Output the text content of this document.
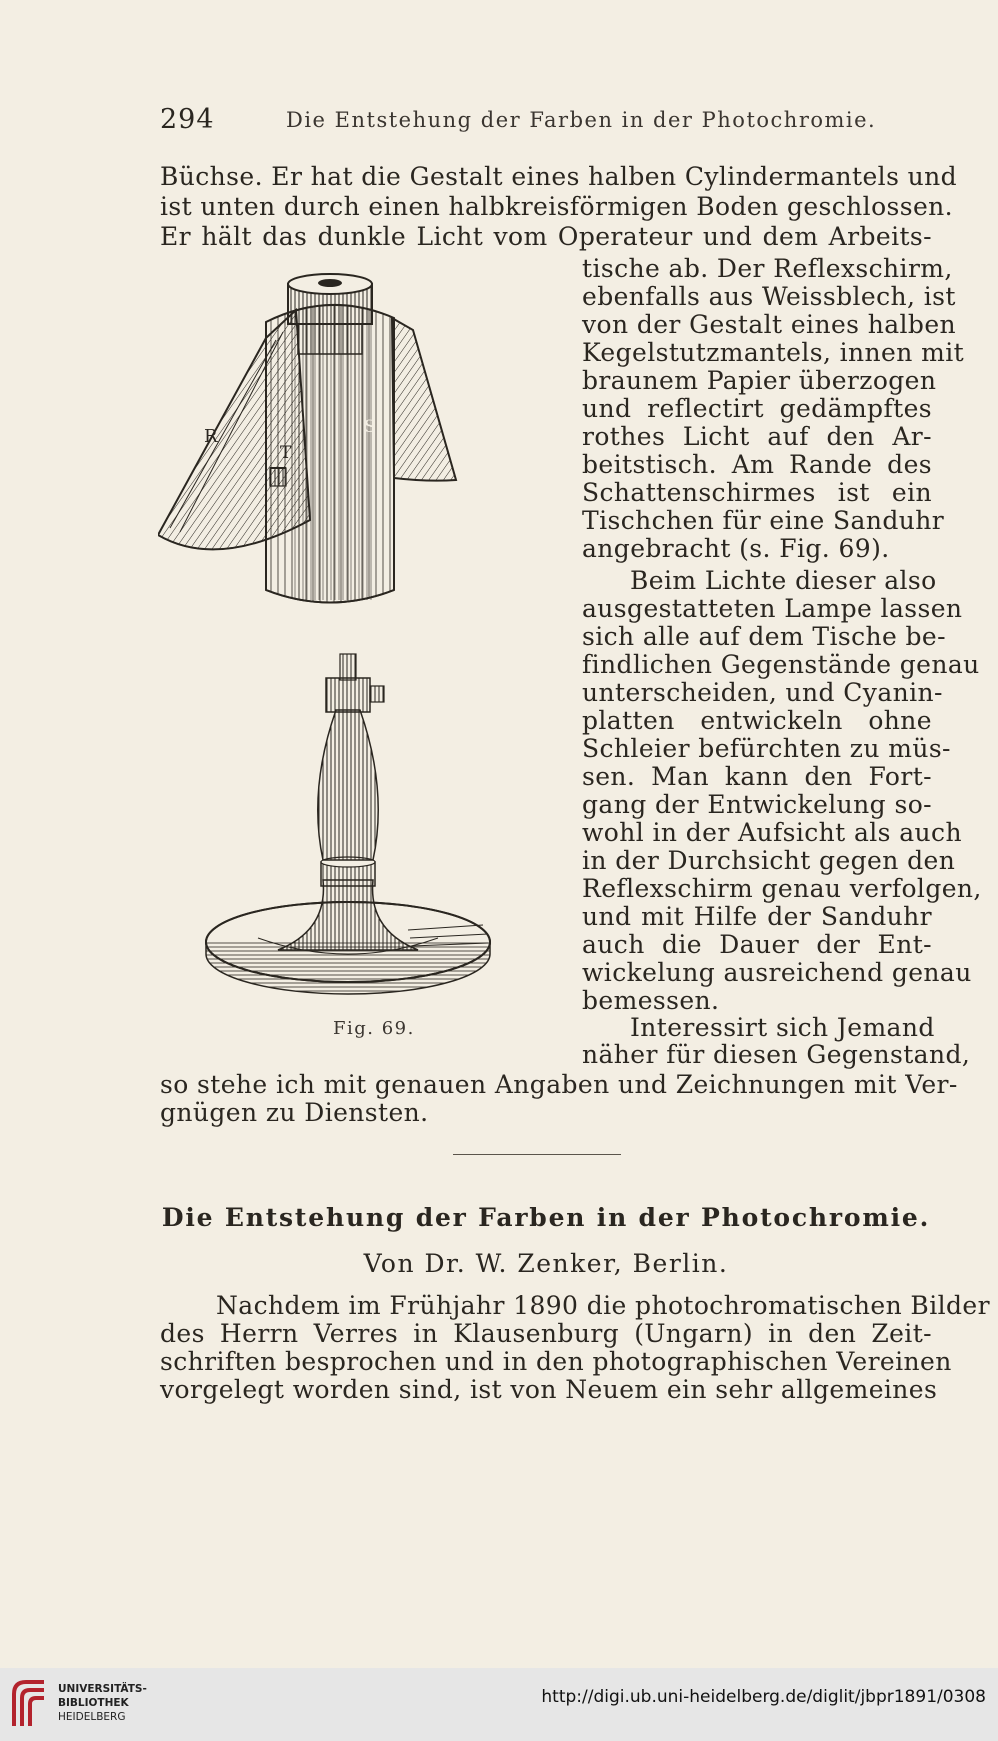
294	Die Entstehung der Farben in der Photochromie.
Büchse. Er hat die Gestalt eines halben Cylindermantels und
ist unten durch einen halbkreisförmigen Boden geschlossen.
Er hält das dunkle Licht vom Operateur und dem Arbeits-
tische ab. Der Reflexschirm,
ebenfalls aus Weissblech, ist
von der Gestalt eines halben
Kegelstutzmantels, innen mit
braunem Papier überzogen
und reflectirt gedämpftes
rothes Licht auf den Ar-
beitstisch. Am Rande des
Schattenschirmes ist ein
Tischchen für eine Sanduhr
angebracht (s. Fig. 69).
Beim Lichte dieser also
ausgestatteten Lampe lassen
sich alle auf dem Tische be-
findlichen Gegenstände genau
unterscheiden, und Cyanin-
platten entwickeln ohne
Schleier befürchten zu müs-
sen. Man kann den Fort-
gang der Entwickelung so-
wohl in der Aufsicht als auch
in der Durchsicht gegen den
Reflexschirm genau verfolgen,
und mit Hilfe der Sanduhr
auch die Dauer der Ent-
wickelung ausreichend genau
bemessen.
Interessirt sich Jemand
näher für diesen Gegenstand,
so stehe ich mit genauen Angaben und Zeichnungen mit Ver-
gnügen zu Diensten.
R
T
S
Fig. 69.
Die Entstehung der Farben in der Photochromie.
Von Dr. W. Zenker, Berlin.
Nachdem im Frühjahr 1890 die photochromatischen Bilder
des Herrn Verres in Klausenburg (Ungarn) in den Zeit-
schriften besprochen und in den photographischen Vereinen
vorgelegt worden sind, ist von Neuem ein sehr allgemeines
UNIVERSITÄTS-
BIBLIOTHEK
HEIDELBERG
http://digi.ub.uni-heidelberg.de/diglit/jbpr1891/0308
